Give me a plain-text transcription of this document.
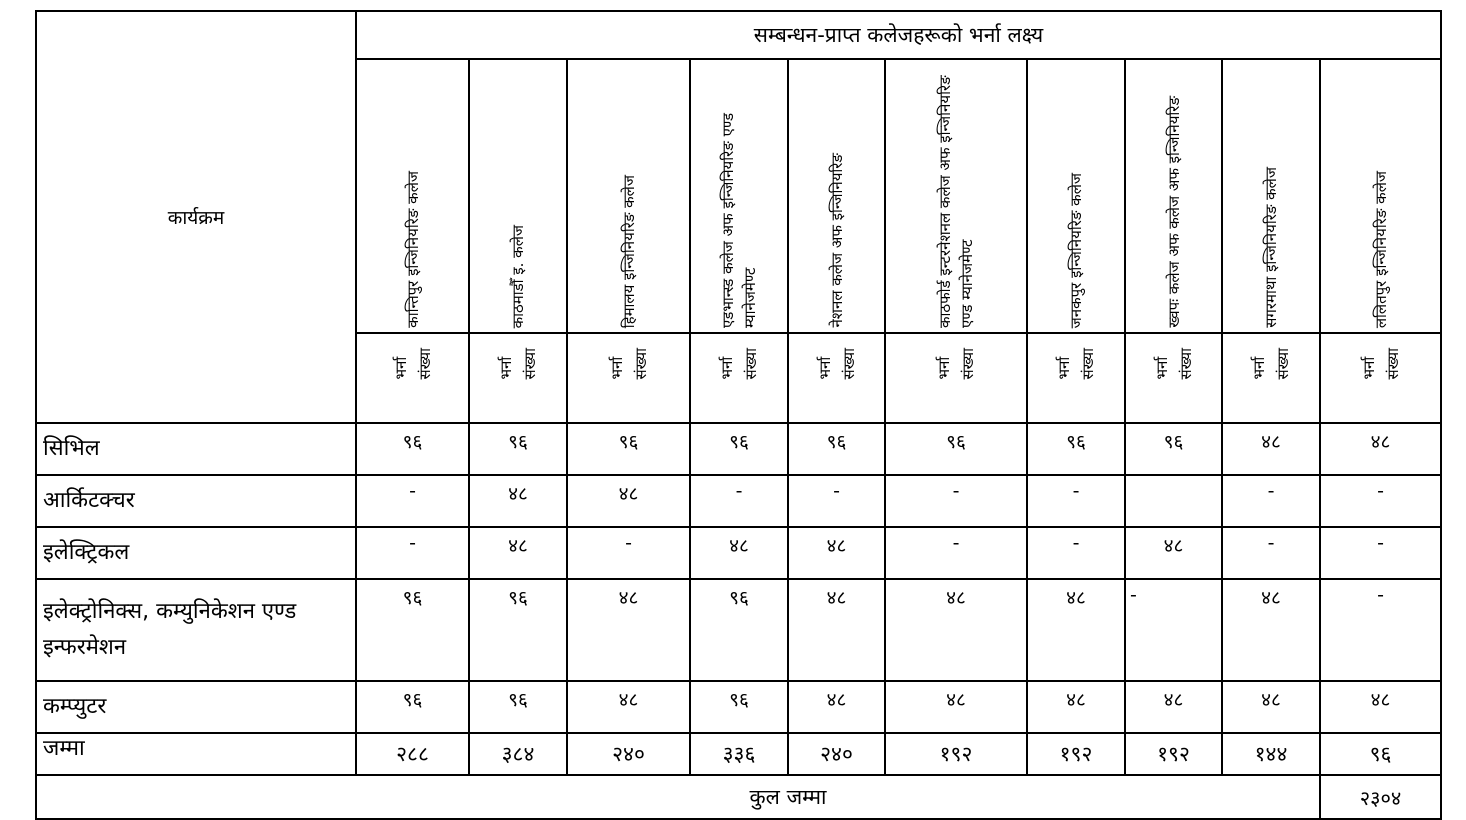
कार्यक्रम	सम्बन्धन-प्राप्त कलेजहरूको भर्ना लक्ष्य									

	कान्तिपुर इन्जिनियरिङ कलेज	काठमाडौँ इ. कलेज	हिमालय इन्जिनियरिङ कलेज	एडभान्स्ड कलेज अफ इन्जिनियरिङ एण्ड म्यानेजमेण्ट	नेशनल कलेज अफ इन्जिनियरिङ	काठफोर्ड इन्टरनेशनल कलेज अफ इन्जिनियरिङ एण्ड म्यानेजमेण्ट	जनकपुर इन्जिनियरिङ कलेज	ख्वपः कलेज अफ कलेज अफ इन्जिनियरिङ	सगरमाथा इन्जिनियरिङ कलेज	ललितपुर इन्जिनियरिङ कलेज

	भर्ना संख्या	भर्ना संख्या	भर्ना संख्या	भर्ना संख्या	भर्ना संख्या	भर्ना संख्या	भर्ना संख्या	भर्ना संख्या	भर्ना संख्या	भर्ना संख्या

सिभिल	९६	९६	९६	९६	९६	९६	९६	९६	४८	४८
आर्किटक्चर	-	४८	४८	-	-	-	-		-	-
इलेक्ट्रिकल	-	४८	-	४८	४८	-	-	४८	-	-
इलेक्ट्रोनिक्स, कम्युनिकेशन एण्ड इन्फरमेशन	९६	९६	४८	९६	४८	४८	४८	-	४८	-
कम्प्युटर	९६	९६	४८	९६	४८	४८	४८	४८	४८	४८
जम्मा	२८८	३८४	२४०	३३६	२४०	१९२	१९२	१९२	१४४	९६
कुल जम्मा										२३०४
